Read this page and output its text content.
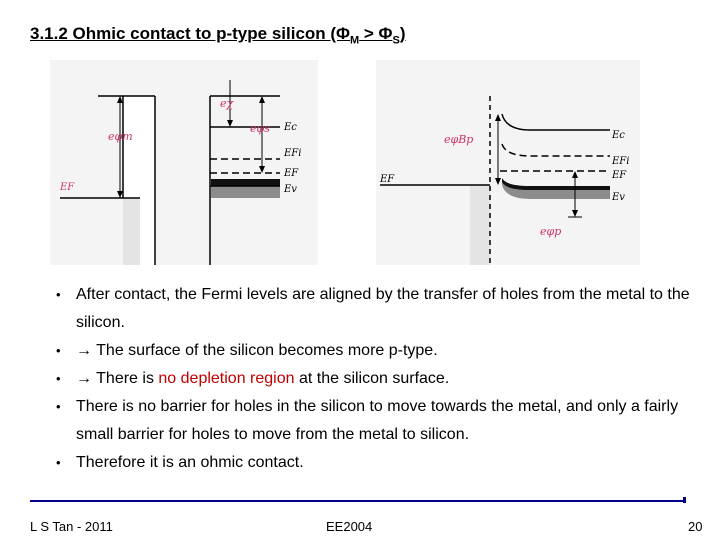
3.1.2 Ohmic contact to p-type silicon $(\Phi_M > \Phi_S)$
eφm
eχ
eφs Ec
EFi
EF
Ev
EF
eφBp	Ec
EFi
EF
Ev
EF
eφp
• After contact, the Fermi levels are aligned by the transfer of holes from the metal to the silicon.
• → The surface of the silicon becomes more p-type.
• → There is no depletion region at the silicon surface.
• There is no barrier for holes in the silicon to move towards the metal, and only a fairly small barrier for holes to move from the metal to silicon.
• Therefore it is an ohmic contact.
L S Tan - 2011	EE2004	20
